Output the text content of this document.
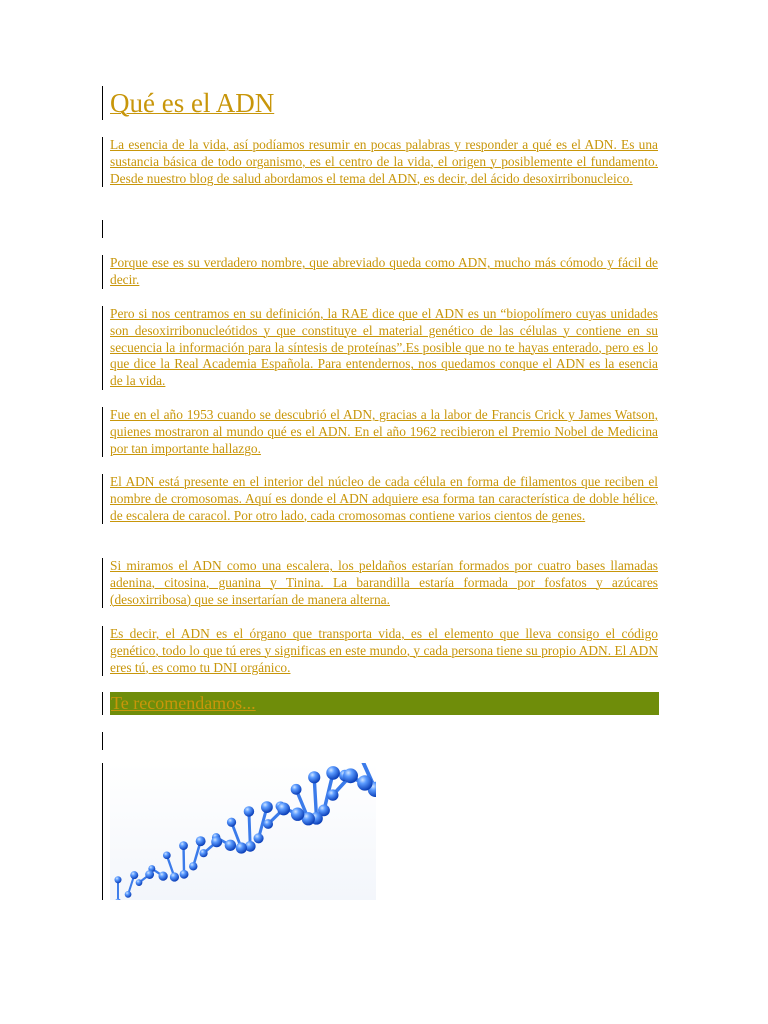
Qué es el ADN

La esencia de la vida, así podíamos resumir en pocas palabras y responder a qué es el ADN. Es una sustancia básica de todo organismo, es el centro de la vida, el origen y posiblemente el fundamento. Desde nuestro blog de salud abordamos el tema del ADN, es decir, del ácido desoxirribonucleico.

Porque ese es su verdadero nombre, que abreviado queda como ADN, mucho más cómodo y fácil de decir.

Pero si nos centramos en su definición, la RAE dice que el ADN es un “biopolímero cuyas unidades son desoxirribonucleótidos y que constituye el material genético de las células y contiene en su secuencia la información para la síntesis de proteínas”.Es posible que no te hayas enterado, pero es lo que dice la Real Academia Española. Para entendernos, nos quedamos conque el ADN es la esencia de la vida.

Fue en el año 1953 cuando se descubrió el ADN, gracias a la labor de Francis Crick y James Watson, quienes mostraron al mundo qué es el ADN. En el año 1962 recibieron el Premio Nobel de Medicina por tan importante hallazgo.

El ADN está presente en el interior del núcleo de cada célula en forma de filamentos que reciben el nombre de cromosomas. Aquí es donde el ADN adquiere esa forma tan característica de doble hélice, de escalera de caracol. Por otro lado, cada cromosomas contiene varios cientos de genes.

Si miramos el ADN como una escalera, los peldaños estarían formados por cuatro bases llamadas adenina, citosina, guanina y Tinina. La barandilla estaría formada por fosfatos y azúcares (desoxirribosa) que se insertarían de manera alterna.

Es decir, el ADN es el órgano que transporta vida, es el elemento que lleva consigo el código genético, todo lo que tú eres y significas en este mundo, y cada persona tiene su propio ADN. El ADN eres tú, es como tu DNI orgánico.

Te recomendamos...
